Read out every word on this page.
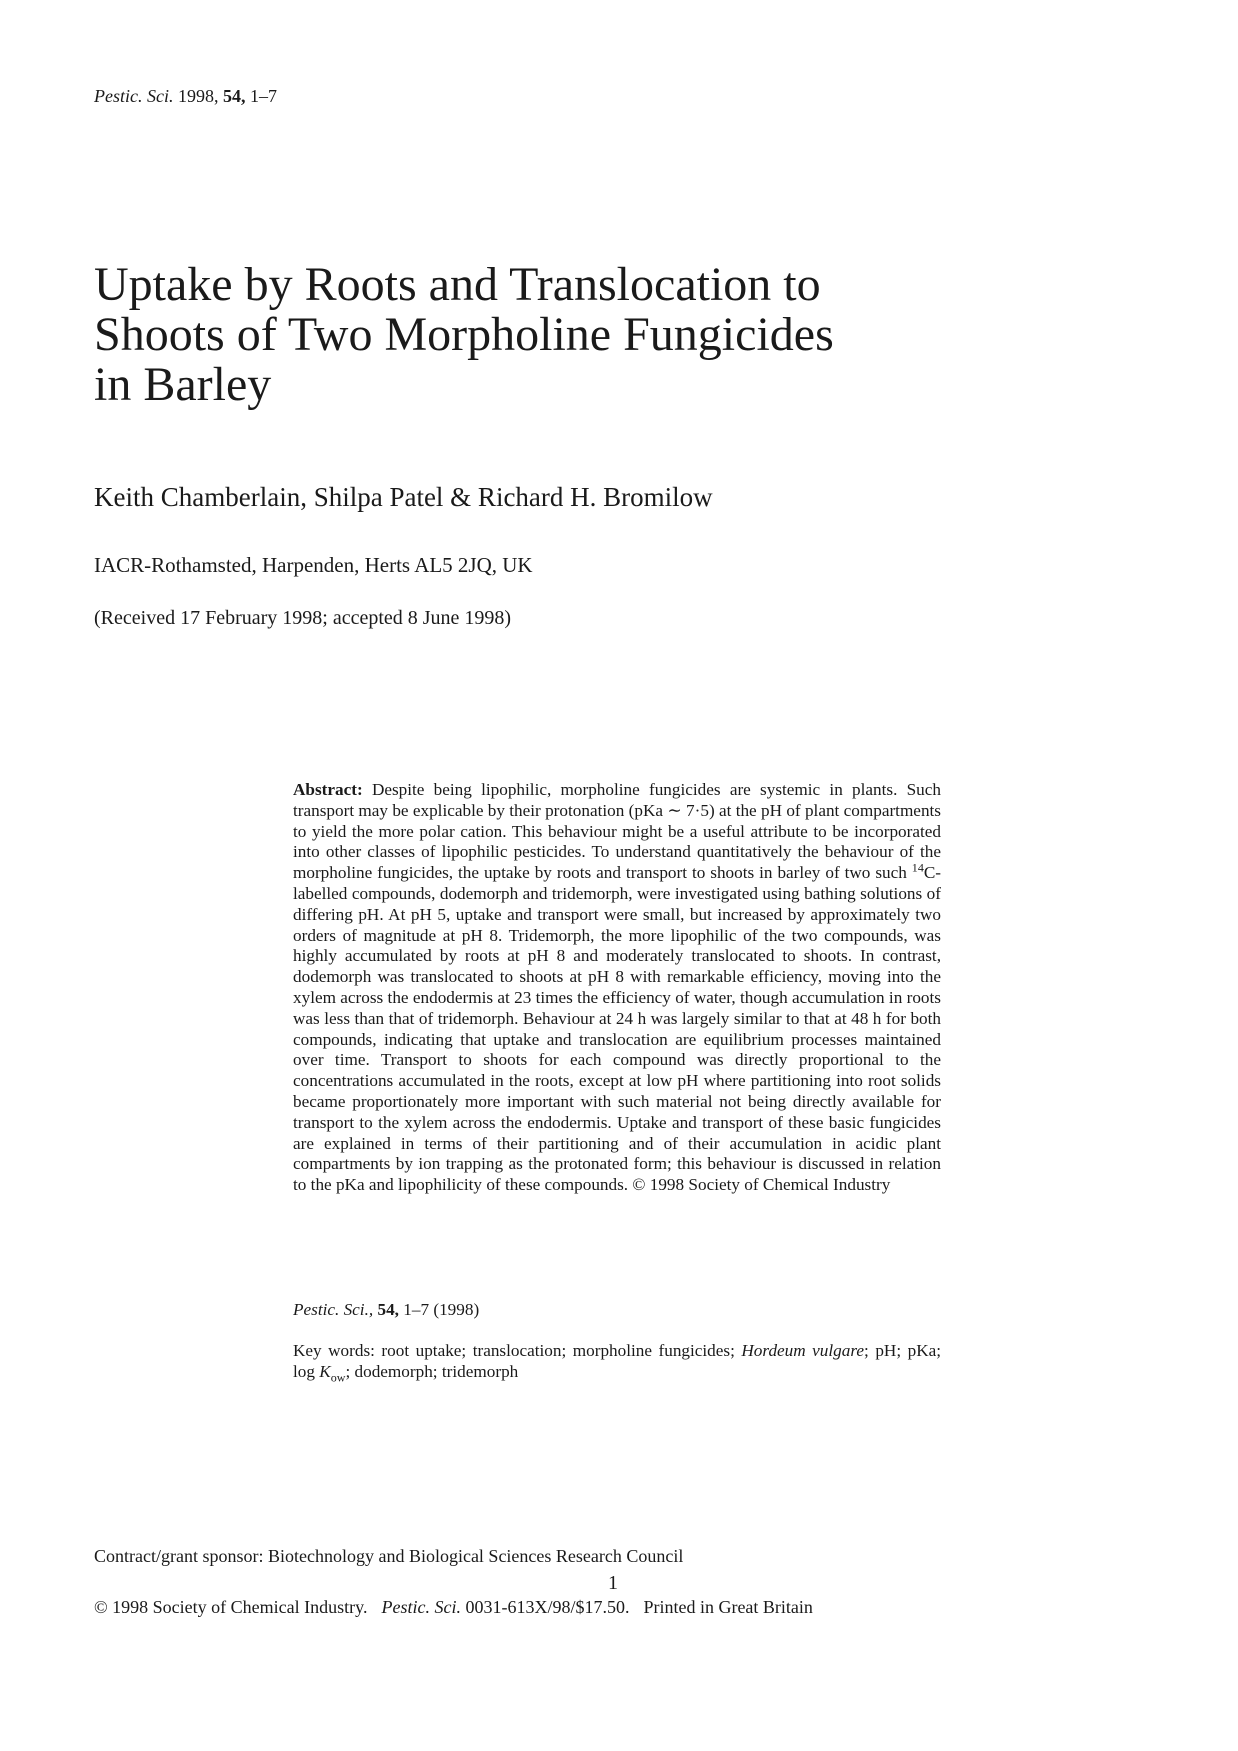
Pestic. Sci. 1998, 54, 1–7
Uptake by Roots and Translocation to
Shoots of Two Morpholine Fungicides
in Barley
Keith Chamberlain, Shilpa Patel & Richard H. Bromilow
IACR-Rothamsted, Harpenden, Herts AL5 2JQ, UK
(Received 17 February 1998; accepted 8 June 1998)

Abstract: Despite being lipophilic, morpholine fungicides are systemic in plants. Such transport may be explicable by their protonation (pKa ∼ 7·5) at the pH of plant compartments to yield the more polar cation. This behaviour might be a useful attribute to be incorporated into other classes of lipophilic pesticides. To understand quantitatively the behaviour of the morpholine fungicides, the uptake by roots and transport to shoots in barley of two such $^{14}$C-labelled compounds, dodemorph and tridemorph, were investigated using bathing solutions of differing pH. At pH 5, uptake and transport were small, but increased by approximately two orders of magnitude at pH 8. Tridemorph, the more lipophilic of the two compounds, was highly accumulated by roots at pH 8 and moderately translocated to shoots. In contrast, dodemorph was translocated to shoots at pH 8 with remarkable efficiency, moving into the xylem across the endodermis at 23 times the efficiency of water, though accumulation in roots was less than that of tridemorph. Behaviour at 24 h was largely similar to that at 48 h for both compounds, indicating that uptake and translocation are equilibrium processes maintained over time. Transport to shoots for each compound was directly proportional to the concentrations accumulated in the roots, except at low pH where partitioning into root solids became proportionately more important with such material not being directly available for transport to the xylem across the endodermis. Uptake and transport of these basic fungicides are explained in terms of their partitioning and of their accumulation in acidic plant compartments by ion trapping as the protonated form; this behaviour is discussed in relation to the pKa and lipophilicity of these compounds. © 1998 Society of Chemical Industry

Pestic. Sci., 54, 1–7 (1998)
Key words: root uptake; translocation; morpholine fungicides; Hordeum vulgare; pH; pKa; $\log K_{ow}$; dodemorph; tridemorph
Contract/grant sponsor: Biotechnology and Biological Sciences Research Council
1
© 1998 Society of Chemical Industry. Pestic. Sci. 0031-613X/98/$17.50. Printed in Great Britain
